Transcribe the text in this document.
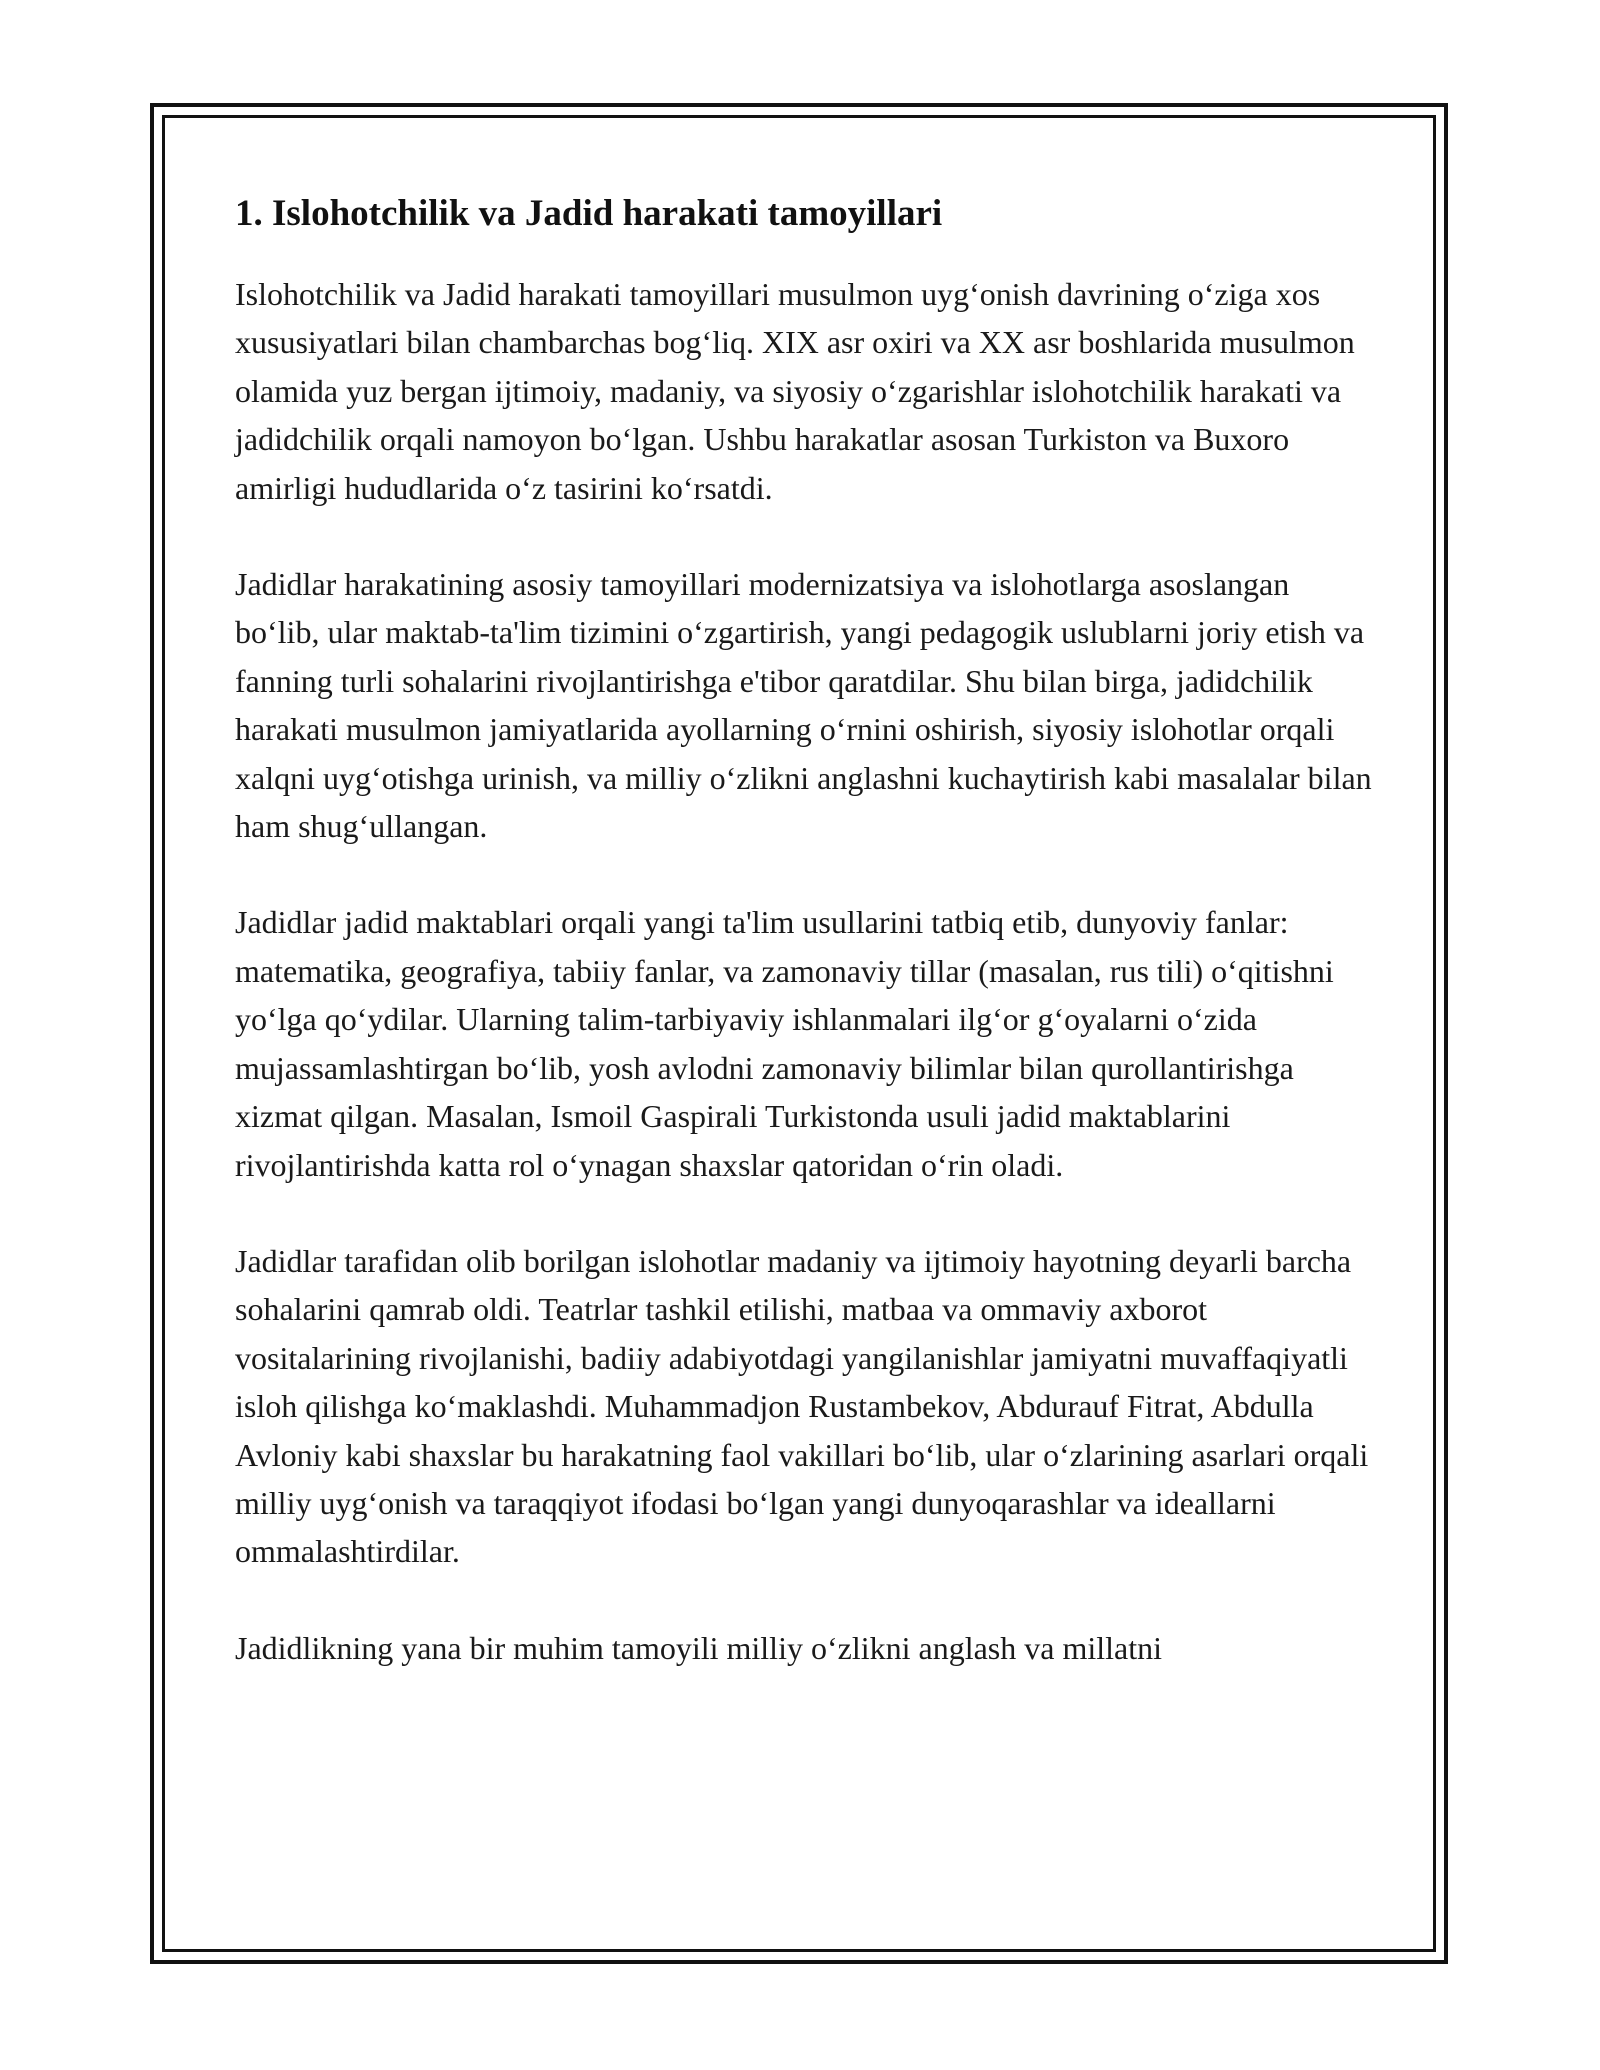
1. Islohotchilik va Jadid harakati tamoyillari

Islohotchilik va Jadid harakati tamoyillari musulmon uyg‘onish davrining o‘ziga xos xususiyatlari bilan chambarchas bog‘liq. XIX asr oxiri va XX asr boshlarida musulmon olamida yuz bergan ijtimoiy, madaniy, va siyosiy o‘zgarishlar islohotchilik harakati va jadidchilik orqali namoyon bo‘lgan. Ushbu harakatlar asosan Turkiston va Buxoro amirligi hududlarida o‘z tasirini ko‘rsatdi.

Jadidlar harakatining asosiy tamoyillari modernizatsiya va islohotlarga asoslangan bo‘lib, ular maktab-ta'lim tizimini o‘zgartirish, yangi pedagogik uslublarni joriy etish va fanning turli sohalarini rivojlantirishga e'tibor qaratdilar. Shu bilan birga, jadidchilik harakati musulmon jamiyatlarida ayollarning o‘rnini oshirish, siyosiy islohotlar orqali xalqni uyg‘otishga urinish, va milliy o‘zlikni anglashni kuchaytirish kabi masalalar bilan ham shug‘ullangan.

Jadidlar jadid maktablari orqali yangi ta'lim usullarini tatbiq etib, dunyoviy fanlar: matematika, geografiya, tabiiy fanlar, va zamonaviy tillar (masalan, rus tili) o‘qitishni yo‘lga qo‘ydilar. Ularning talim-tarbiyaviy ishlanmalari ilg‘or g‘oyalarni o‘zida mujassamlashtirgan bo‘lib, yosh avlodni zamonaviy bilimlar bilan qurollantirishga xizmat qilgan. Masalan, Ismoil Gaspirali Turkistonda usuli jadid maktablarini rivojlantirishda katta rol o‘ynagan shaxslar qatoridan o‘rin oladi.

Jadidlar tarafidan olib borilgan islohotlar madaniy va ijtimoiy hayotning deyarli barcha sohalarini qamrab oldi. Teatrlar tashkil etilishi, matbaa va ommaviy axborot vositalarining rivojlanishi, badiiy adabiyotdagi yangilanishlar jamiyatni muvaffaqiyatli isloh qilishga ko‘maklashdi. Muhammadjon Rustambekov, Abdurauf Fitrat, Abdulla Avloniy kabi shaxslar bu harakatning faol vakillari bo‘lib, ular o‘zlarining asarlari orqali milliy uyg‘onish va taraqqiyot ifodasi bo‘lgan yangi dunyoqarashlar va ideallarni ommalashtirdilar.

Jadidlikning yana bir muhim tamoyili milliy o‘zlikni anglash va millatni
